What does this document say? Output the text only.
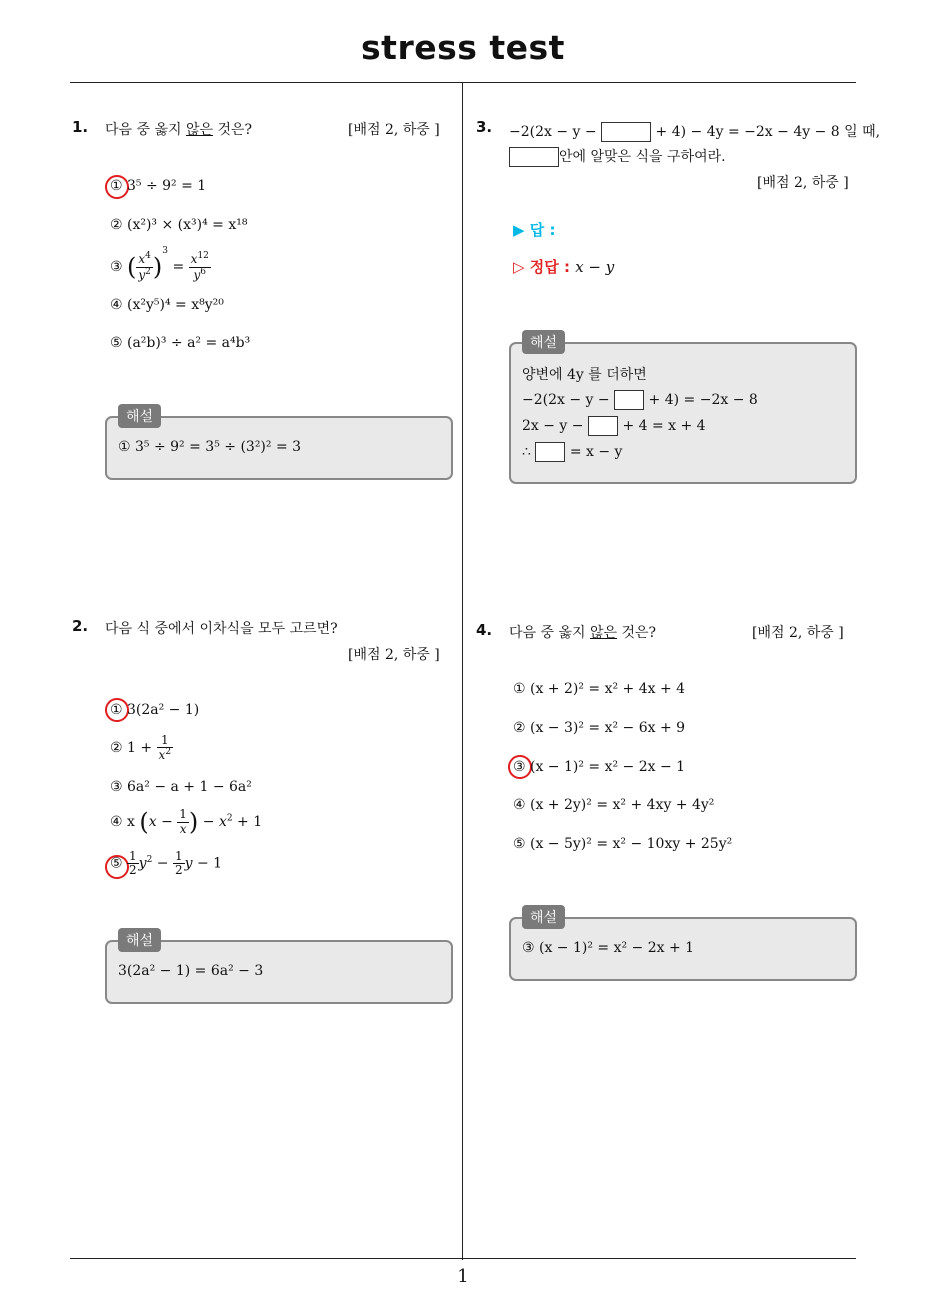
stress test
1
1. 다음 중 옳지 않은 것은?	[배점 2, 하중 ]
① 3⁵ ÷ 9² = 1
② (x²)³ × (x³)⁴ = x¹⁸
③ ( $\frac{x^4}{y^2} )^3 = \frac{x^{12}}{y^6}$
④ (x²y⁵)⁴ = x⁸y²⁰
⑤ (a²b)³ ÷ a² = a⁴b³
해설
① 3⁵ ÷ 9² = 3⁵ ÷ (3²)² = 3
2. 다음 식 중에서 이차식을 모두 고르면?
[배점 2, 하중 ]
① 3(2a² − 1)
② $1 + \frac{1}{x^2}$
③ 6a² − a + 1 − 6a²
④ x ($x - \frac{1}{x}$ ) − $x^2 + 1$
⑤ $\frac{1}{2} y^2 - \frac{1}{2}$ y − 1
해설
3(2a² − 1) = 6a² − 3
3. −2(2x − y −	+ 4) − 4y = −2x − 4y − 8 일 때,
안에 알맞은 식을 구하여라.
[배점 2, 하중 ]
▶ 답 :
▷ 정답 : x − y
해설
양변에 4y 를 더하면
−2(2x − y −	+ 4) = −2x − 8
2x − y −	+ 4 = x + 4
∴	= x − y
4. 다음 중 옳지 않은 것은?	[배점 2, 하중 ]
① (x + 2)² = x² + 4x + 4
② (x − 3)² = x² − 6x + 9
③ (x − 1)² = x² − 2x − 1
④ (x + 2y)² = x² + 4xy + 4y²
⑤ (x − 5y)² = x² − 10xy + 25y²
해설
③ (x − 1)² = x² − 2x + 1
